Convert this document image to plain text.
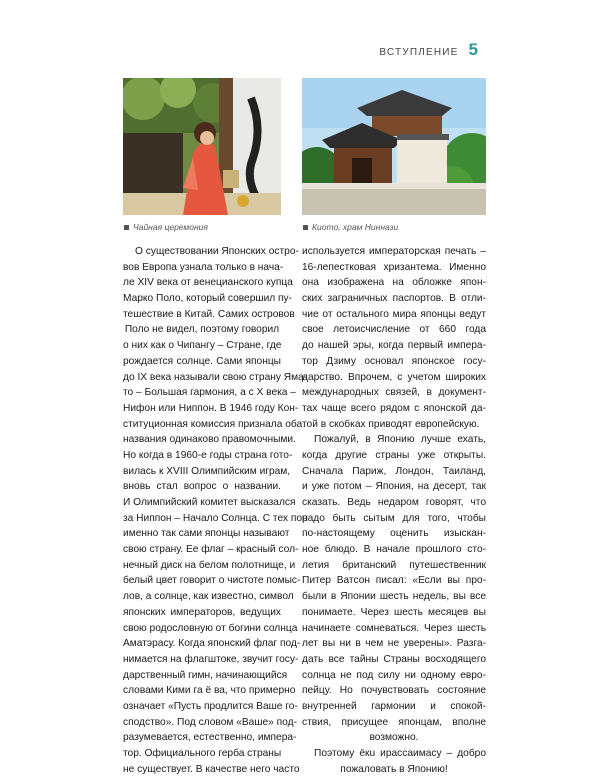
ВСТУПЛЕНИЕ 5
Чайная церемония	Киото, храм Ниннази
О существовании Японских остро-
вов Европа узнала только в нача-
ле XIV века от венецианского купца
Марко Поло, который совершил пу-
тешествие в Китай. Самих островов
Поло не видел, поэтому говорил
о них как о Чипангу – Стране, где
рождается солнце. Сами японцы
до IX века называли свою страну Яма-
то – Большая гармония, а с X века –
Нифон или Ниппон. В 1946 году Кон-
ституционная комиссия признала оба
названия одинаково правомочными.
Но когда в 1960-е годы страна гото-
вилась к XVIII Олимпийским играм,
вновь стал вопрос о названии.
И Олимпийский комитет высказался
за Ниппон – Начало Солнца. С тех пор
именно так сами японцы называют
свою страну. Ее флаг – красный сол-
нечный диск на белом полотнище, и
белый цвет говорит о чистоте помыс-
лов, а солнце, как известно, символ
японских императоров, ведущих
свою родословную от богини солнца
Аматэрасу. Когда японский флаг под-
нимается на флагштоке, звучит госу-
дарственный гимн, начинающийся
словами Кими га ё ва, что примерно
означает «Пусть продлится Ваше го-
сподство». Под словом «Ваше» под-
разумевается, естественно, импера-
тор. Официального герба страны
не существует. В качестве него часто
используется императорская печать –
16-лепестковая хризантема. Именно
она изображена на обложке япон-
ских заграничных паспортов. В отли-
чие от остального мира японцы ведут
свое летоисчисление от 660 года
до нашей эры, когда первый импера-
тор Дзиму основал японское госу-
дарство. Впрочем, с учетом широких
международных связей, в документ-
тах чаще всего рядом с японской да-
той в скобках приводят европейскую.
Пожалуй, в Японию лучше ехать,
когда другие страны уже открыты.
Сначала Париж, Лондон, Таиланд,
и уже потом – Япония, на десерт, так
сказать. Ведь недаром говорят, что
надо быть сытым для того, чтобы
по-настоящему оценить изыскан-
ное блюдо. В начале прошлого сто-
летия британский путешественник
Питер Ватсон писал: «Если вы про-
были в Японии шесть недель, вы все
понимаете. Через шесть месяцев вы
начинаете сомневаться. Через шесть
лет вы ни в чем не уверены». Разга-
дать все тайны Страны восходящего
солнца не под силу ни одному евро-
пейцу. Но почувствовать состояние
внутренней гармонии и спокой-
ствия, присущее японцам, вполне
возможно.
Поэтому ёкu ирассаимасу – добро
пожаловать в Японию!
